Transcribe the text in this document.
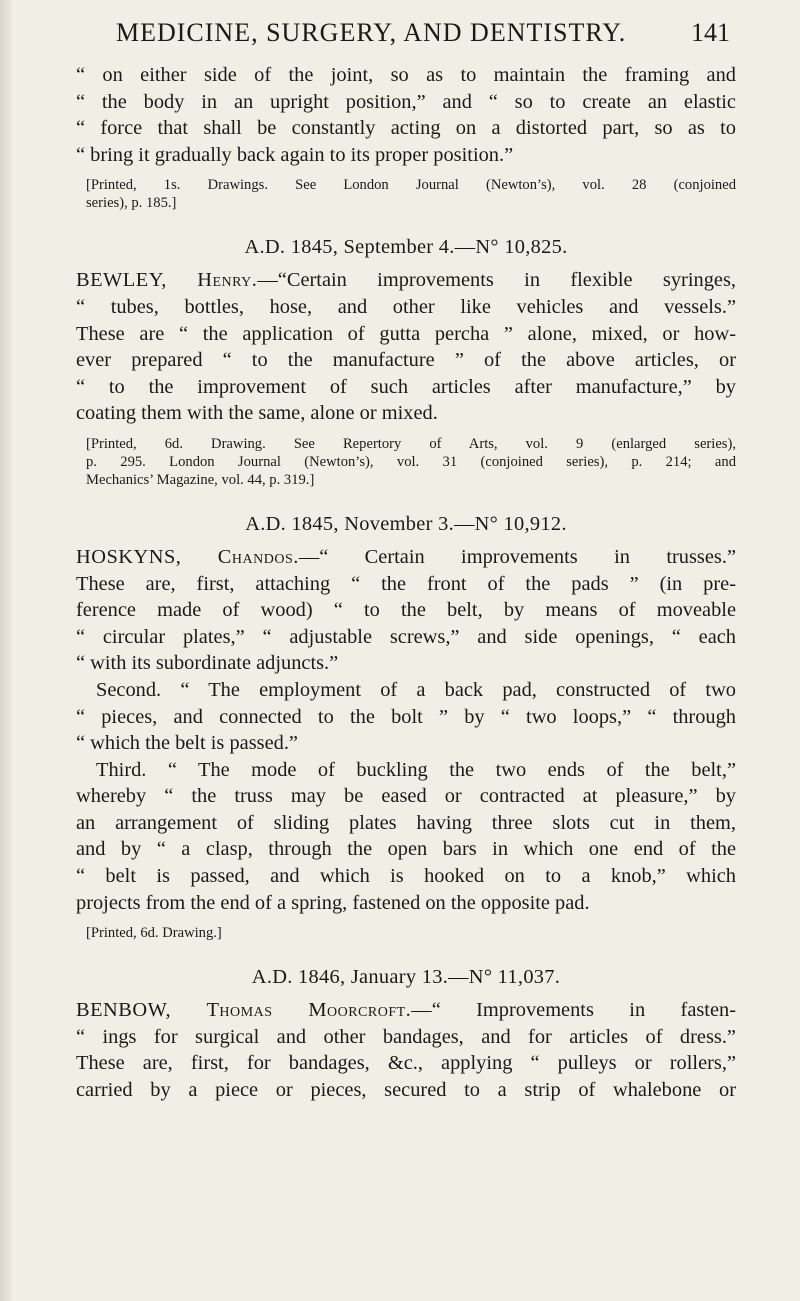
MEDICINE, SURGERY, AND DENTISTRY. 141

“ on either side of the joint, so as to maintain the framing and
“ the body in an upright position,” and “ so to create an elastic
“ force that shall be constantly acting on a distorted part, so as to
“ bring it gradually back again to its proper position.”

[Printed, 1s. Drawings. See London Journal (Newton’s), vol. 28 (conjoined
series), p. 185.]
A.D. 1845, September 4.—N° 10,825.

BEWLEY, Henry.—“Certain improvements in flexible syringes,
“ tubes, bottles, hose, and other like vehicles and vessels.”
These are “ the application of gutta percha ” alone, mixed, or how-
ever prepared “ to the manufacture ” of the above articles, or
“ to the improvement of such articles after manufacture,” by
coating them with the same, alone or mixed.

[Printed, 6d. Drawing. See Repertory of Arts, vol. 9 (enlarged series),
p. 295. London Journal (Newton’s), vol. 31 (conjoined series), p. 214; and
Mechanics’ Magazine, vol. 44, p. 319.]
A.D. 1845, November 3.—N° 10,912.

HOSKYNS, Chandos.—“ Certain improvements in trusses.”
These are, first, attaching “ the front of the pads ” (in pre-
ference made of wood) “ to the belt, by means of moveable
“ circular plates,” “ adjustable screws,” and side openings, “ each
“ with its subordinate adjuncts.”
Second. “ The employment of a back pad, constructed of two
“ pieces, and connected to the bolt ” by “ two loops,” “ through
“ which the belt is passed.”
Third. “ The mode of buckling the two ends of the belt,”
whereby “ the truss may be eased or contracted at pleasure,” by
an arrangement of sliding plates having three slots cut in them,
and by “ a clasp, through the open bars in which one end of the
“ belt is passed, and which is hooked on to a knob,” which
projects from the end of a spring, fastened on the opposite pad.

[Printed, 6d. Drawing.]
A.D. 1846, January 13.—N° 11,037.

BENBOW, Thomas Moorcroft.—“ Improvements in fasten-
“ ings for surgical and other bandages, and for articles of dress.”
These are, first, for bandages, &c., applying “ pulleys or rollers,”
carried by a piece or pieces, secured to a strip of whalebone or
